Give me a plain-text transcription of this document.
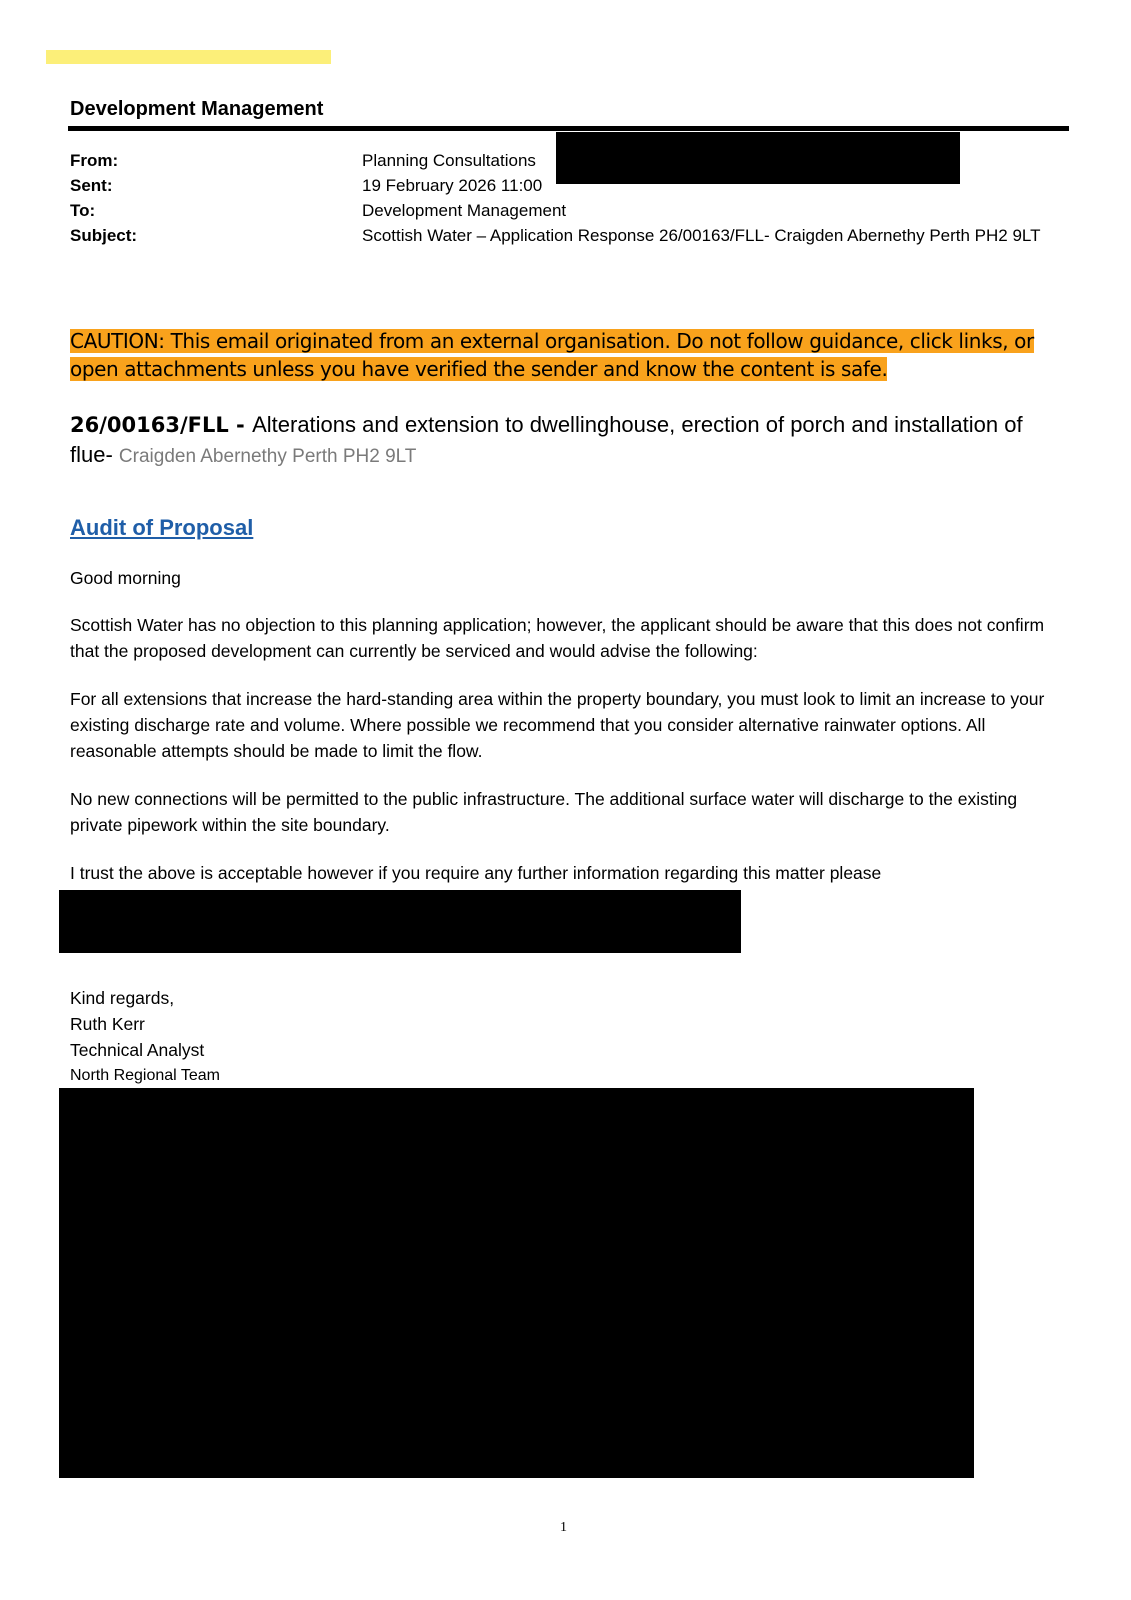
Development Management
From:	Planning Consultations
Sent:	19 February 2026 11:00
To:	Development Management
Subject:	Scottish Water – Application Response 26/00163/FLL- Craigden Abernethy Perth PH2 9LT
CAUTION: This email originated from an external organisation. Do not follow guidance, click links, or open attachments unless you have verified the sender and know the content is safe.
26/00163/FLL - Alterations and extension to dwellinghouse, erection of porch and installation of flue- Craigden Abernethy Perth PH2 9LT
Audit of Proposal
Good morning
Scottish Water has no objection to this planning application; however, the applicant should be aware that this does not confirm that the proposed development can currently be serviced and would advise the following:
For all extensions that increase the hard-standing area within the property boundary, you must look to limit an increase to your existing discharge rate and volume. Where possible we recommend that you consider alternative rainwater options. All reasonable attempts should be made to limit the flow.
No new connections will be permitted to the public infrastructure. The additional surface water will discharge to the existing private pipework within the site boundary.
I trust the above is acceptable however if you require any further information regarding this matter please
Kind regards,
Ruth Kerr
Technical Analyst
North Regional Team
1
